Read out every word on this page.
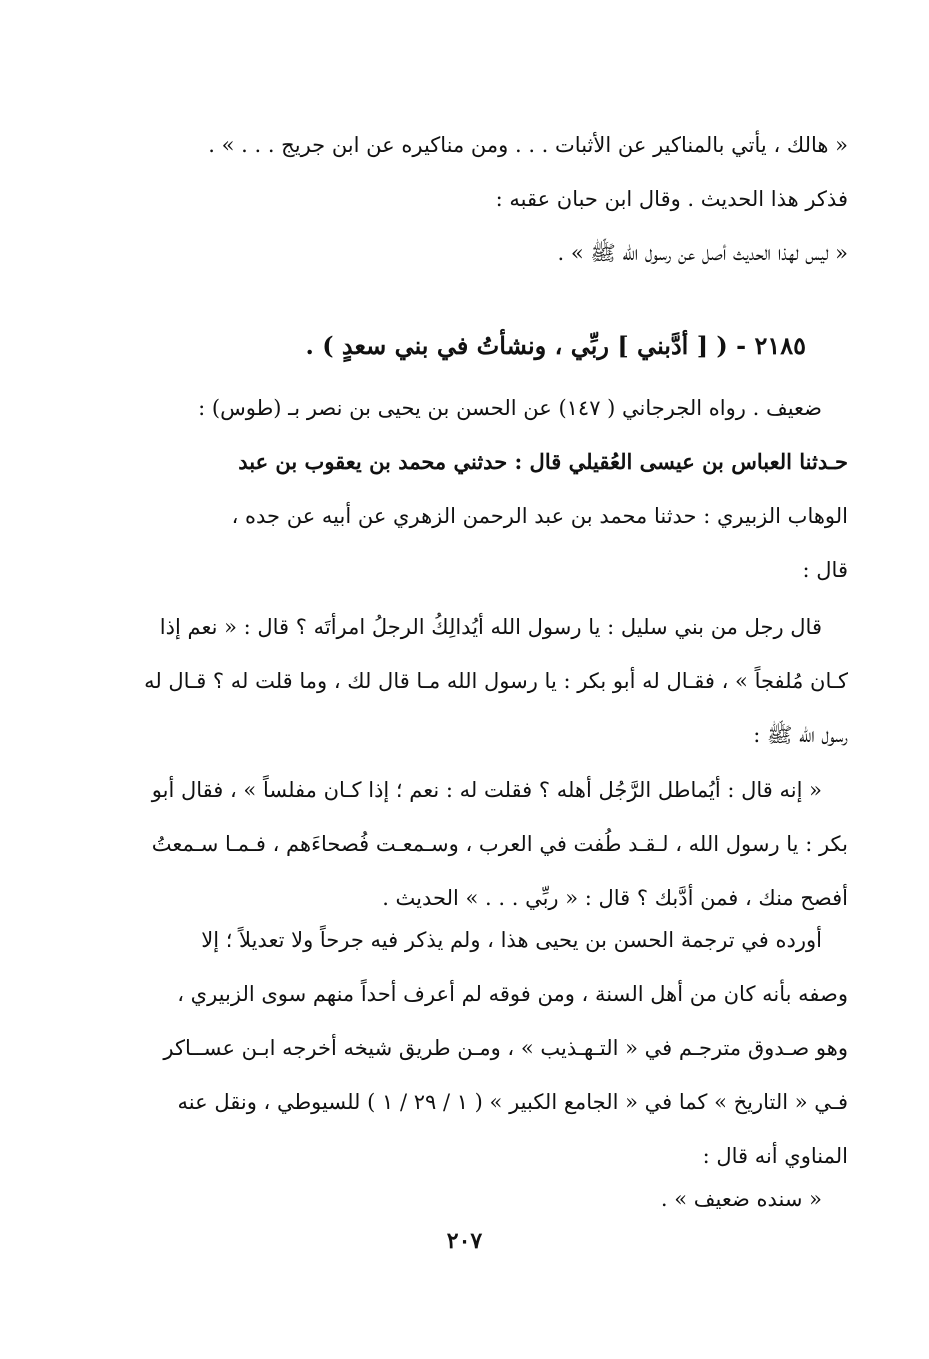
« هالك ، يأتي بالمناكير عن الأثبات . . . ومن مناكيره عن ابن جريج . . . » .
فذكر هذا الحديث . وقال ابن حبان عقبه :
« ليس لهذا الحديث أصل عن رسول الله ﷺ » .
٢١٨٥ - ( [ أدَّبني ] ربِّي ، ونشأتُ في بني سعدٍ ) .
ضعيف . رواه الجرجاني ( ١٤٧) عن الحسن بن يحيى بن نصر بـ (طوس) :
حـدثنا العباس بن عيسى العُقيلي قال : حدثني محمد بن يعقوب بن عبد
الوهاب الزبيري : حدثنا محمد بن عبد الرحمن الزهري عن أبيه عن جده ،
قال :
قال رجل من بني سليل : يا رسول الله أيُدالِكُ الرجلُ امرأتَه ؟ قال : « نعم إذا
كـان مُلفجاً » ، فقـال له أبو بكر : يا رسول الله مـا قال لك ، وما قلت له ؟ قـال له
رسول الله ﷺ :
« إنه قال : أيُماطل الرَّجُل أهله ؟ فقلت له : نعم ؛ إذا كـان مفلساً » ، فقال أبو
بكر : يا رسول الله ، لـقـد طُفت في العرب ، وسـمعـت فُصحاءَهم ، فـمـا سـمعتُ
أفصح منك ، فمن أدَّبك ؟ قال : « ربِّي . . . » الحديث .
أورده في ترجمة الحسن بن يحيى هذا ، ولم يذكر فيه جرحاً ولا تعديلاً ؛ إلا
وصفه بأنه كان من أهل السنة ، ومن فوقه لم أعرف أحداً منهم سوى الزبيري ،
وهو صـدوق مترجـم في « التـهـذيب » ، ومـن طريق شيخه أخرجه ابـن عســاكر
فـي « التاريخ » كما في « الجامع الكبير » ( ١ / ٢٩ / ١ ) للسيوطي ، ونقل عنه
المناوي أنه قال :
« سنده ضعيف » .
٢٠٧
